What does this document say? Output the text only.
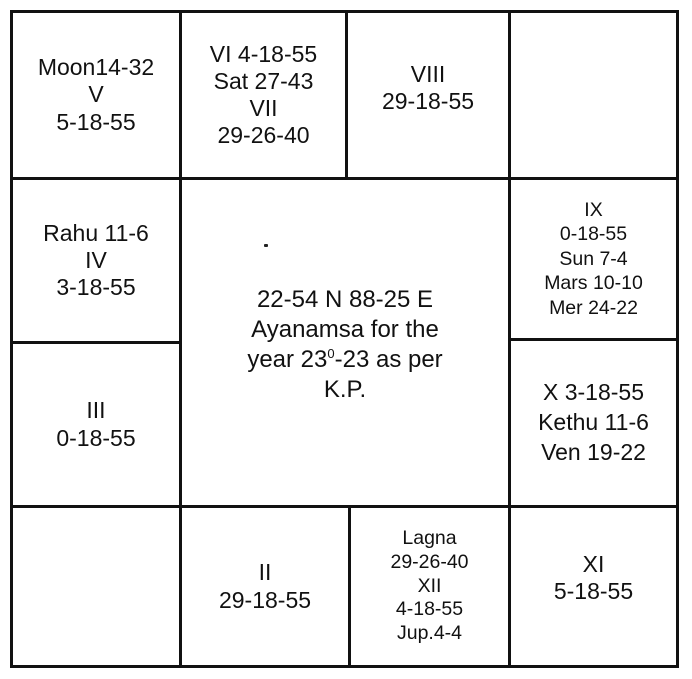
Moon14-32
V
5-18-55
VI 4-18-55
Sat 27-43
VII
29-26-40
VIII
29-18-55
Rahu 11-6
IV
3-18-55
IX
0-18-55
Sun 7-4
Mars 10-10
Mer 24-22
22-54 N 88-25 E
Ayanamsa for the
year $23^0-23$ as per
K.P.
III
0-18-55
X 3-18-55
Kethu 11-6
Ven 19-22
II
29-18-55
Lagna
29-26-40
XII
4-18-55
Jup.4-4
XI
5-18-55
